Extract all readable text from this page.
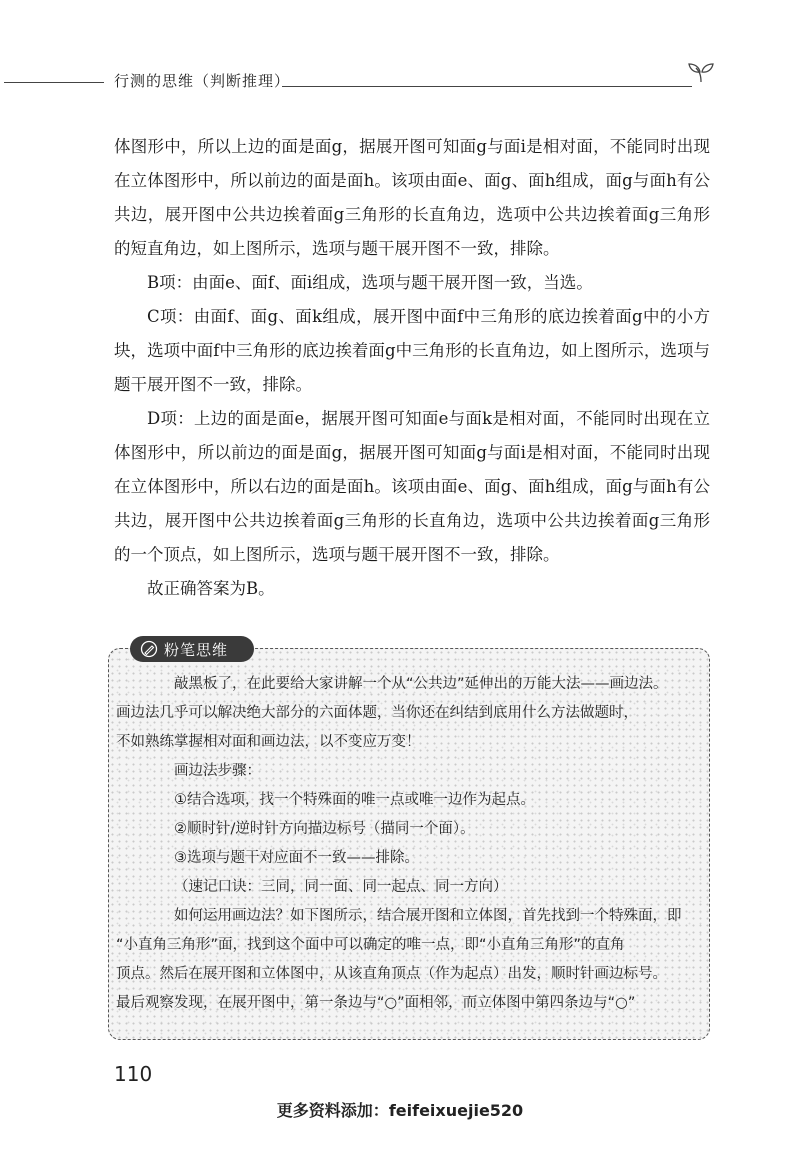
行测的思维（判断推理）

体图形中，所以上边的面是面g，据展开图可知面g与面i是相对面，不能同时出现在立体图形中，所以前边的面是面h。该项由面e、面g、面h组成，面g与面h有公共边，展开图中公共边挨着面g三角形的长直角边，选项中公共边挨着面g三角形的短直角边，如上图所示，选项与题干展开图不一致，排除。

B项：由面e、面f、面i组成，选项与题干展开图一致，当选。

C项：由面f、面g、面k组成，展开图中面f中三角形的底边挨着面g中的小方块，选项中面f中三角形的底边挨着面g中三角形的长直角边，如上图所示，选项与题干展开图不一致，排除。

D项：上边的面是面e，据展开图可知面e与面k是相对面，不能同时出现在立体图形中，所以前边的面是面g，据展开图可知面g与面i是相对面，不能同时出现在立体图形中，所以右边的面是面h。该项由面e、面g、面h组成，面g与面h有公共边，展开图中公共边挨着面g三角形的长直角边，选项中公共边挨着面g三角形的一个顶点，如上图所示，选项与题干展开图不一致，排除。

故正确答案为B。

粉笔思维

敲黑板了，在此要给大家讲解一个从“公共边”延伸出的万能大法——画边法。

画边法几乎可以解决绝大部分的六面体题，当你还在纠结到底用什么方法做题时，

不如熟练掌握相对面和画边法，以不变应万变！

画边法步骤：

①结合选项，找一个特殊面的唯一点或唯一边作为起点。

②顺时针/逆时针方向描边标号（描同一个面）。

③选项与题干对应面不一致——排除。

（速记口诀：三同，同一面、同一起点、同一方向）

如何运用画边法？如下图所示，结合展开图和立体图，首先找到一个特殊面，即

“小直角三角形”面，找到这个面中可以确定的唯一点，即“小直角三角形”的直角

顶点。然后在展开图和立体图中，从该直角顶点（作为起点）出发，顺时针画边标号。

最后观察发现，在展开图中，第一条边与“○”面相邻，而立体图中第四条边与“○”

110
更多资料添加：feifeixuejie520
